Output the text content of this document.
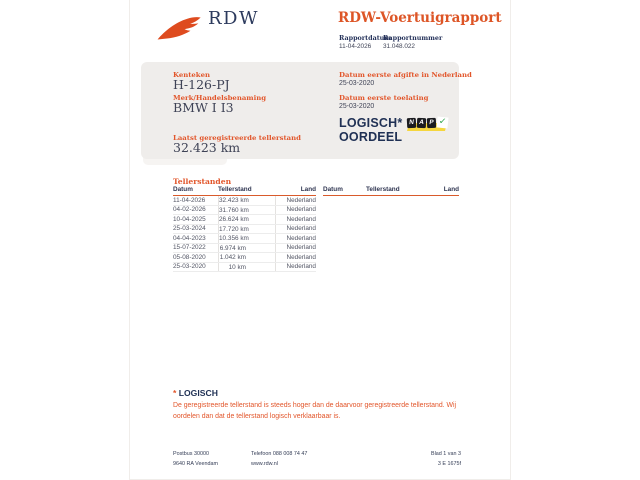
RDW	RDW-Voertuigrapport
Rapportdatum
Rapportnummer
11-04-2026 31.048.022
Kenteken
H-126-PJ
Merk/Handelsbenaming
BMW I I3
Laatst geregistreerde tellerstand
32.423 km
Datum eerste afgifte in Nederland
25-03-2020
Datum eerste toelating
25-03-2020
LOGISCH*
OORDEEL
N A P ✓
Tellerstanden
Datum	Tellerstand	Land
11-04-2026	32.423 km	Nederland
04-02-2026	31.760 km	Nederland
10-04-2025	26.624 km	Nederland
25-03-2024	17.720 km	Nederland
04-04-2023	10.356 km	Nederland
15-07-2022	6.974 km	Nederland
05-08-2020	1.042 km	Nederland
25-03-2020	10 km	Nederland
Datum	Tellerstand	Land
* LOGISCH
De geregistreerde tellerstand is steeds hoger dan de daarvoor geregistreerde tellerstand. Wij oordelen dan dat de tellerstand logisch verklaarbaar is.
Postbus 30000
9640 RA Veendam
Telefoon 088 008 74 47
www.rdw.nl
Blad 1 van 3
3 E 1675f
